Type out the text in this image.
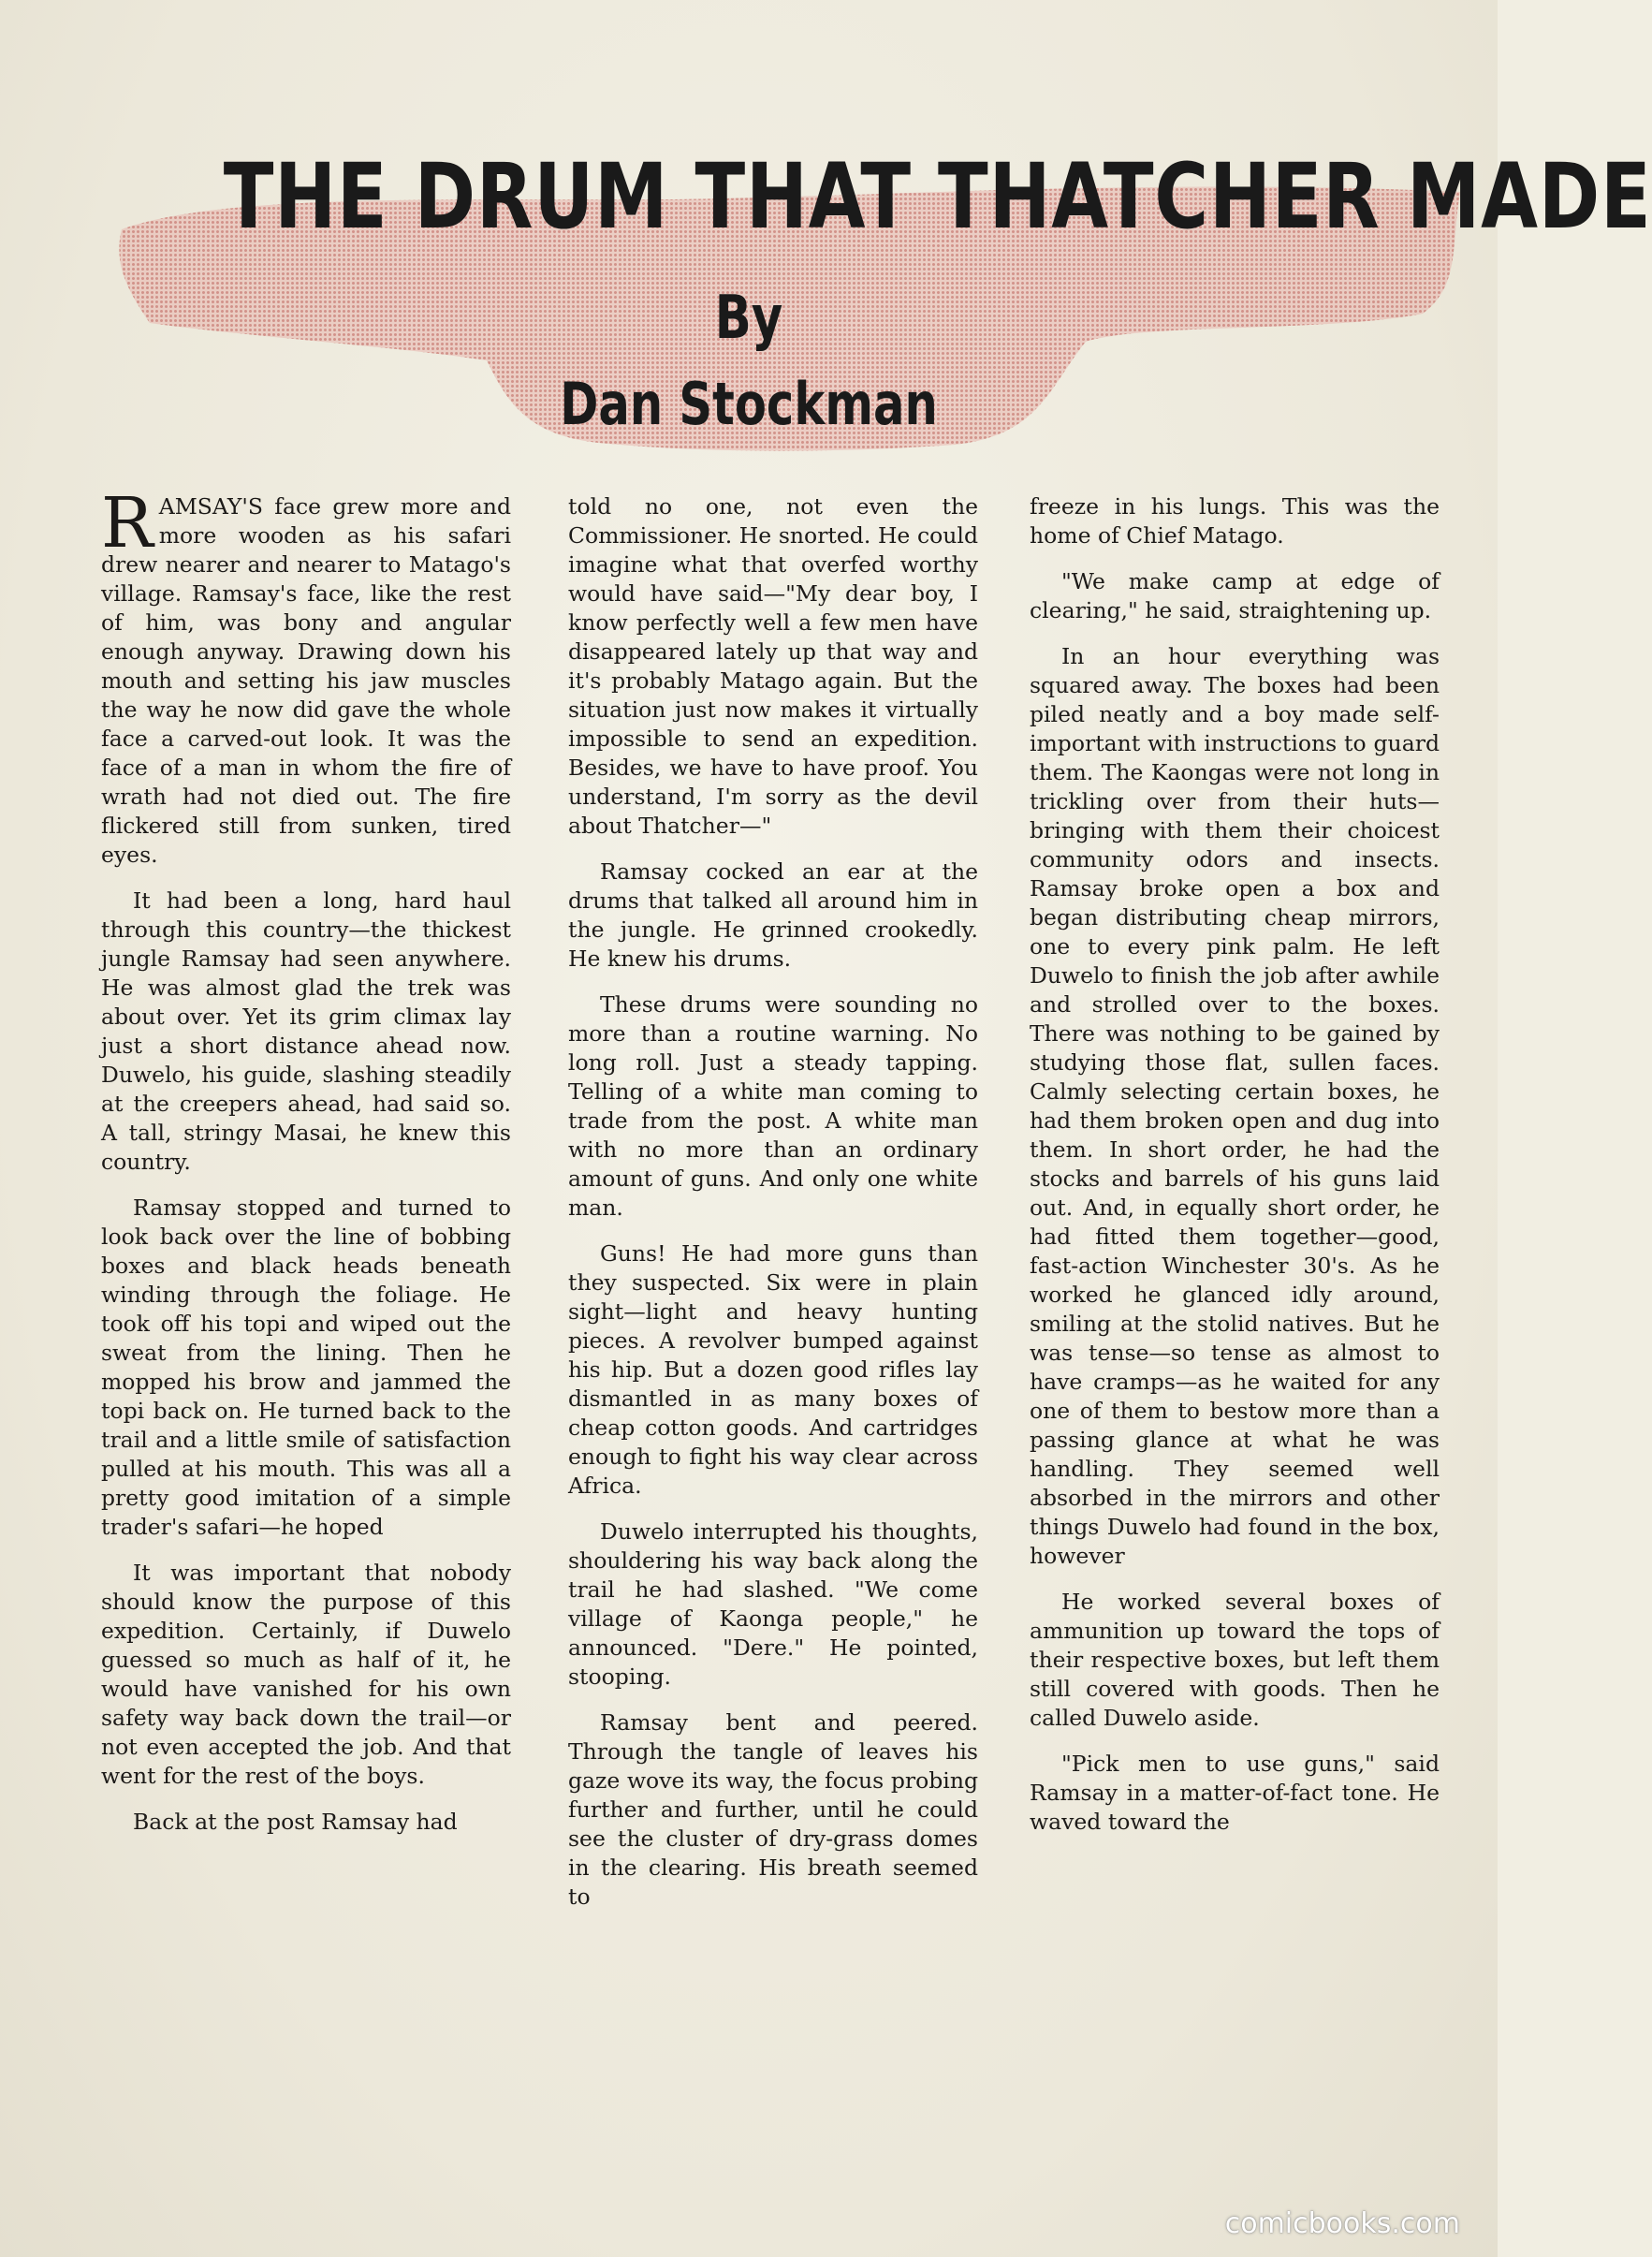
THE DRUM THAT THATCHER MADE
By
Dan Stockman

RAMSAY'S face grew more and more wooden as his safari drew nearer and nearer to Matago's village. Ramsay's face, like the rest of him, was bony and angular enough anyway. Drawing down his mouth and setting his jaw muscles the way he now did gave the whole face a carved-out look. It was the face of a man in whom the fire of wrath had not died out. The fire flickered still from sunken, tired eyes.

It had been a long, hard haul through this country—the thickest jungle Ramsay had seen anywhere. He was almost glad the trek was about over. Yet its grim climax lay just a short distance ahead now. Duwelo, his guide, slashing steadily at the creepers ahead, had said so. A tall, stringy Masai, he knew this country.

Ramsay stopped and turned to look back over the line of bobbing boxes and black heads beneath winding through the foliage. He took off his topi and wiped out the sweat from the lining. Then he mopped his brow and jammed the topi back on. He turned back to the trail and a little smile of satisfaction pulled at his mouth. This was all a pretty good imitation of a simple trader's safari—he hoped

It was important that nobody should know the purpose of this expedition. Certainly, if Duwelo guessed so much as half of it, he would have vanished for his own safety way back down the trail—or not even accepted the job. And that went for the rest of the boys.

Back at the post Ramsay had

told no one, not even the Commissioner. He snorted. He could imagine what that overfed worthy would have said—"My dear boy, I know perfectly well a few men have disappeared lately up that way and it's probably Matago again. But the situation just now makes it virtually impossible to send an expedition. Besides, we have to have proof. You understand, I'm sorry as the devil about Thatcher—"

Ramsay cocked an ear at the drums that talked all around him in the jungle. He grinned crookedly. He knew his drums.

These drums were sounding no more than a routine warning. No long roll. Just a steady tapping. Telling of a white man coming to trade from the post. A white man with no more than an ordinary amount of guns. And only one white man.

Guns! He had more guns than they suspected. Six were in plain sight—light and heavy hunting pieces. A revolver bumped against his hip. But a dozen good rifles lay dismantled in as many boxes of cheap cotton goods. And cartridges enough to fight his way clear across Africa.

Duwelo interrupted his thoughts, shouldering his way back along the trail he had slashed. "We come village of Kaonga people," he announced. "Dere." He pointed, stooping.

Ramsay bent and peered. Through the tangle of leaves his gaze wove its way, the focus probing further and further, until he could see the cluster of dry-grass domes in the clearing. His breath seemed to

freeze in his lungs. This was the home of Chief Matago.

"We make camp at edge of clearing," he said, straightening up.

In an hour everything was squared away. The boxes had been piled neatly and a boy made self-important with instructions to guard them. The Kaongas were not long in trickling over from their huts—bringing with them their choicest community odors and insects. Ramsay broke open a box and began distributing cheap mirrors, one to every pink palm. He left Duwelo to finish the job after awhile and strolled over to the boxes. There was nothing to be gained by studying those flat, sullen faces. Calmly selecting certain boxes, he had them broken open and dug into them. In short order, he had the stocks and barrels of his guns laid out. And, in equally short order, he had fitted them together—good, fast-action Winchester 30's. As he worked he glanced idly around, smiling at the stolid natives. But he was tense—so tense as almost to have cramps—as he waited for any one of them to bestow more than a passing glance at what he was handling. They seemed well absorbed in the mirrors and other things Duwelo had found in the box, however

He worked several boxes of ammunition up toward the tops of their respective boxes, but left them still covered with goods. Then he called Duwelo aside.

"Pick men to use guns," said Ramsay in a matter-of-fact tone. He waved toward the

comicbooks.com
